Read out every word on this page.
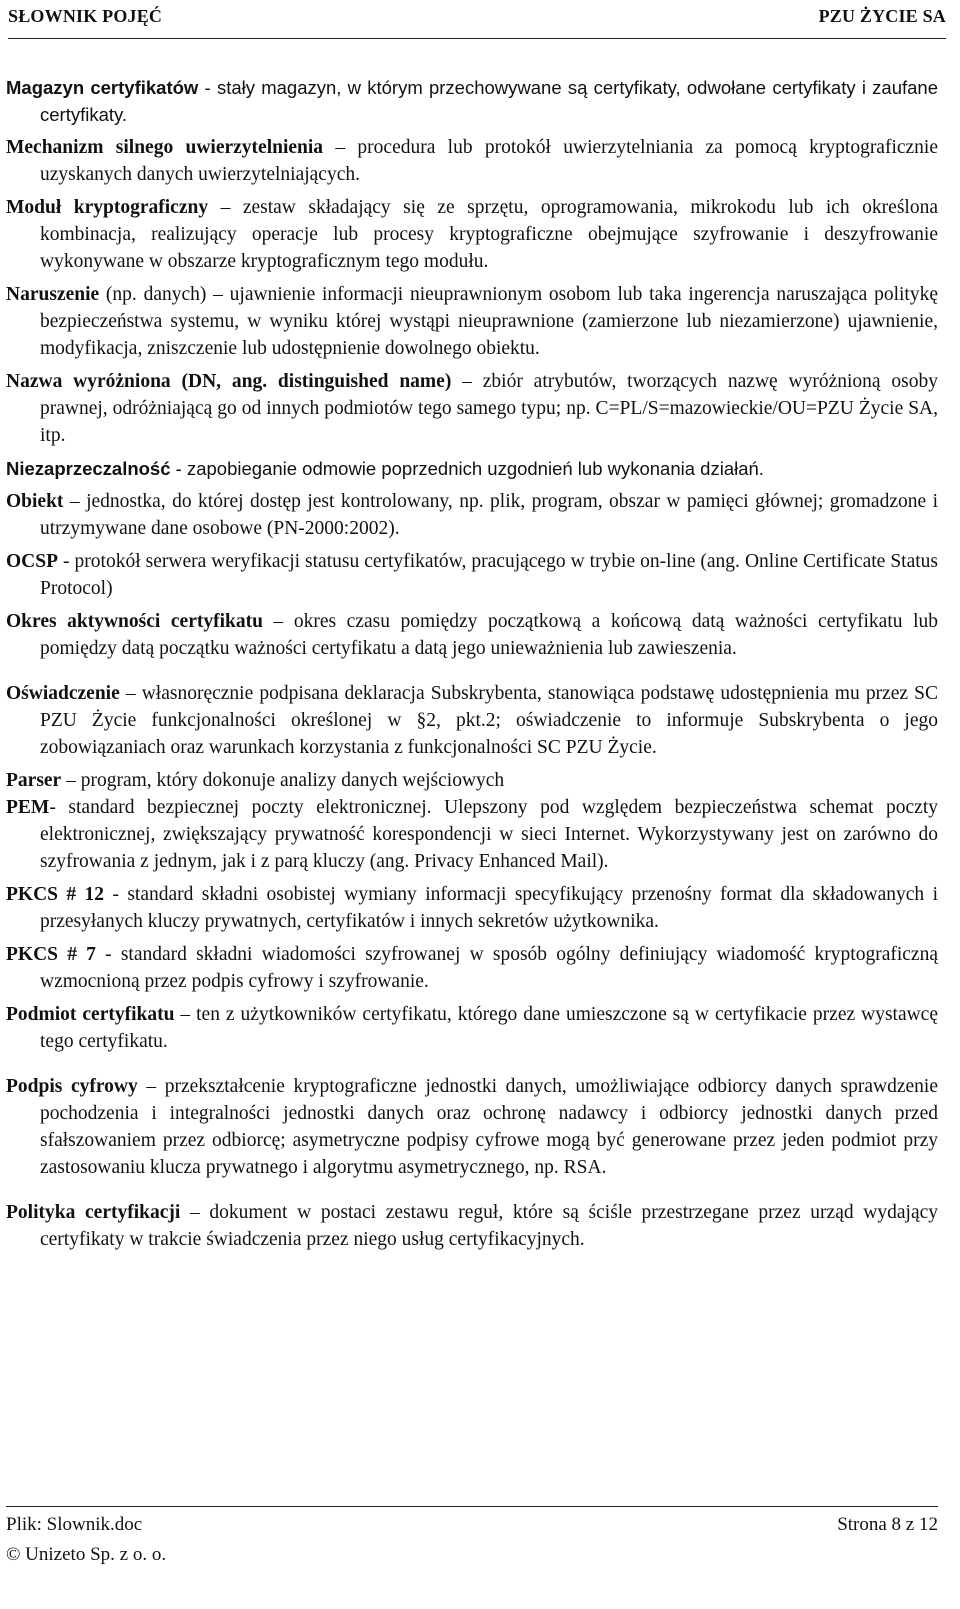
SŁOWNIK POJĘĆ	PZU ŻYCIE SA

Magazyn certyfikatów - stały magazyn, w którym przechowywane są certyfikaty, odwołane certyfikaty i zaufane certyfikaty.

Mechanizm silnego uwierzytelnienia – procedura lub protokół uwierzytelniania za pomocą kryptograficznie uzyskanych danych uwierzytelniających.

Moduł kryptograficzny – zestaw składający się ze sprzętu, oprogramowania, mikrokodu lub ich określona kombinacja, realizujący operacje lub procesy kryptograficzne obejmujące szyfrowanie i deszyfrowanie wykonywane w obszarze kryptograficznym tego modułu.

Naruszenie (np. danych) – ujawnienie informacji nieuprawnionym osobom lub taka ingerencja naruszająca politykę bezpieczeństwa systemu, w wyniku której wystąpi nieuprawnione (zamierzone lub niezamierzone) ujawnienie, modyfikacja, zniszczenie lub udostępnienie dowolnego obiektu.

Nazwa wyróżniona (DN, ang. distinguished name) – zbiór atrybutów, tworzących nazwę wyróżnioną osoby prawnej, odróżniającą go od innych podmiotów tego samego typu; np. C=PL/S=mazowieckie/OU=PZU Życie SA, itp.

Niezaprzeczalność - zapobieganie odmowie poprzednich uzgodnień lub wykonania działań.

Obiekt – jednostka, do której dostęp jest kontrolowany, np. plik, program, obszar w pamięci głównej; gromadzone i utrzymywane dane osobowe (PN-2000:2002).

OCSP - protokół serwera weryfikacji statusu certyfikatów, pracującego w trybie on-line (ang. Online Certificate Status Protocol)

Okres aktywności certyfikatu – okres czasu pomiędzy początkową a końcową datą ważności certyfikatu lub pomiędzy datą początku ważności certyfikatu a datą jego unieważnienia lub zawieszenia.

Oświadczenie – własnoręcznie podpisana deklaracja Subskrybenta, stanowiąca podstawę udostępnienia mu przez SC PZU Życie funkcjonalności określonej w §2, pkt.2; oświadczenie to informuje Subskrybenta o jego zobowiązaniach oraz warunkach korzystania z funkcjonalności SC PZU Życie.

Parser – program, który dokonuje analizy danych wejściowych

PEM- standard bezpiecznej poczty elektronicznej. Ulepszony pod względem bezpieczeństwa schemat poczty elektronicznej, zwiększający prywatność korespondencji w sieci Internet. Wykorzystywany jest on zarówno do szyfrowania z jednym, jak i z parą kluczy (ang. Privacy Enhanced Mail).

PKCS # 12 - standard składni osobistej wymiany informacji specyfikujący przenośny format dla składowanych i przesyłanych kluczy prywatnych, certyfikatów i innych sekretów użytkownika.

PKCS # 7 - standard składni wiadomości szyfrowanej w sposób ogólny definiujący wiadomość kryptograficzną wzmocnioną przez podpis cyfrowy i szyfrowanie.

Podmiot certyfikatu – ten z użytkowników certyfikatu, którego dane umieszczone są w certyfikacie przez wystawcę tego certyfikatu.

Podpis cyfrowy – przekształcenie kryptograficzne jednostki danych, umożliwiające odbiorcy danych sprawdzenie pochodzenia i integralności jednostki danych oraz ochronę nadawcy i odbiorcy jednostki danych przed sfałszowaniem przez odbiorcę; asymetryczne podpisy cyfrowe mogą być generowane przez jeden podmiot przy zastosowaniu klucza prywatnego i algorytmu asymetrycznego, np. RSA.

Polityka certyfikacji – dokument w postaci zestawu reguł, które są ściśle przestrzegane przez urząd wydający certyfikaty w trakcie świadczenia przez niego usług certyfikacyjnych.

Plik: Slownik.doc	Strona 8 z 12
© Unizeto Sp. z o. o.
